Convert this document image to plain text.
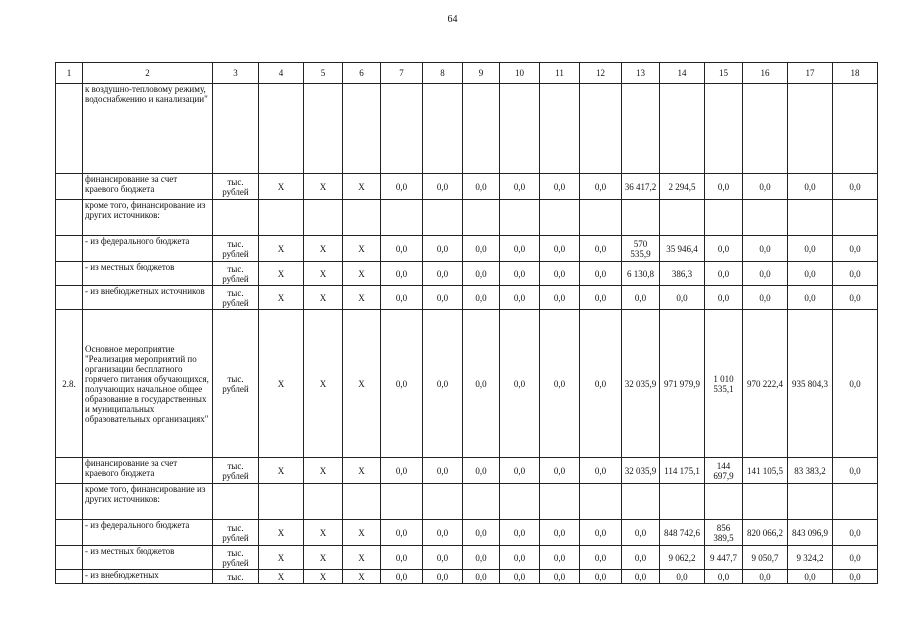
64
1	2	3	4	5	6	7	8	9	10	11	12	13	14	15	16	17	18
	к воздушно-тепловому режиму, водоснабжению и канализации"																
	финансирование за счет краевого бюджета	тыс. рублей	X	X	X	0,0	0,0	0,0	0,0	0,0	0,0	36 417,2	2 294,5	0,0	0,0	0,0	0,0
	кроме того, финансирование из других источников:																
	- из федерального бюджета	тыс. рублей	X	X	X	0,0	0,0	0,0	0,0	0,0	0,0	570 535,9	35 946,4	0,0	0,0	0,0	0,0
	- из местных бюджетов	тыс. рублей	X	X	X	0,0	0,0	0,0	0,0	0,0	0,0	6 130,8	386,3	0,0	0,0	0,0	0,0
	- из внебюджетных источников	тыс. рублей	X	X	X	0,0	0,0	0,0	0,0	0,0	0,0	0,0	0,0	0,0	0,0	0,0	0,0
2.8.	Основное мероприятие "Реализация мероприятий по организации бесплатного горячего питания обучающихся, получающих начальное общее образование в государственных и муниципальных образовательных организациях"	тыс. рублей	X	X	X	0,0	0,0	0,0	0,0	0,0	0,0	32 035,9	971 979,9	1 010 535,1	970 222,4	935 804,3	0,0
	финансирование за счет краевого бюджета	тыс. рублей	X	X	X	0,0	0,0	0,0	0,0	0,0	0,0	32 035,9	114 175,1	144 697,9	141 105,5	83 383,2	0,0
	кроме того, финансирование из других источников:																
	- из федерального бюджета	тыс. рублей	X	X	X	0,0	0,0	0,0	0,0	0,0	0,0	0,0	848 742,6	856 389,5	820 066,2	843 096,9	0,0
	- из местных бюджетов	тыс. рублей	X	X	X	0,0	0,0	0,0	0,0	0,0	0,0	0,0	9 062,2	9 447,7	9 050,7	9 324,2	0,0
	- из внебюджетных	тыс.	X	X	X	0,0	0,0	0,0	0,0	0,0	0,0	0,0	0,0	0,0	0,0	0,0	0,0
